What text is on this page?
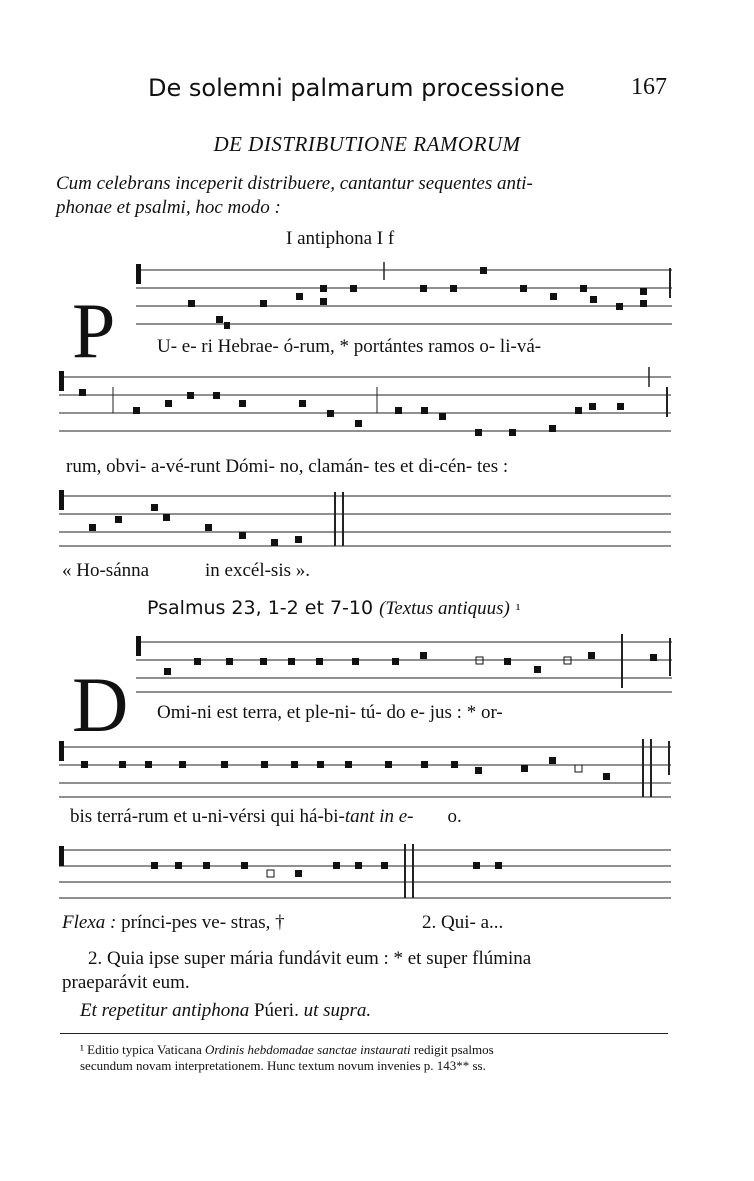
De solemni palmarum processione	167
DE DISTRIBUTIONE RAMORUM

Cum celebrans inceperit distribuere, cantantur sequentes anti-

phonae et psalmi, hoc modo :

I antiphona I f
P U- e- ri Hebrae- ó-rum, * portántes ramos o- li-vá-
rum, obvi- a-vé-runt Dómi- no, clamán- tes et di-cén- tes :
« Ho-sánna	in excél-sis ».
Psalmus 23, 1-2 et 7-10 (Textus antiquus) ¹
D Omi-ni est terra, et ple-ni- tú- do e- jus : * or-
bis terrá-rum et u-ni-vérsi qui há-bi-tant in e- o.
Flexa : prínci-pes ve- stras, †	2. Qui- a...
2. Quia ipse super mária fundávit eum : * et super flúmina
praeparávit eum.
Et repetitur antiphona Púeri. ut supra.

¹ Editio typica Vaticana Ordinis hebdomadae sanctae instaurati redigit psalmos

secundum novam interpretationem. Hunc textum novum invenies p. 143** ss.
